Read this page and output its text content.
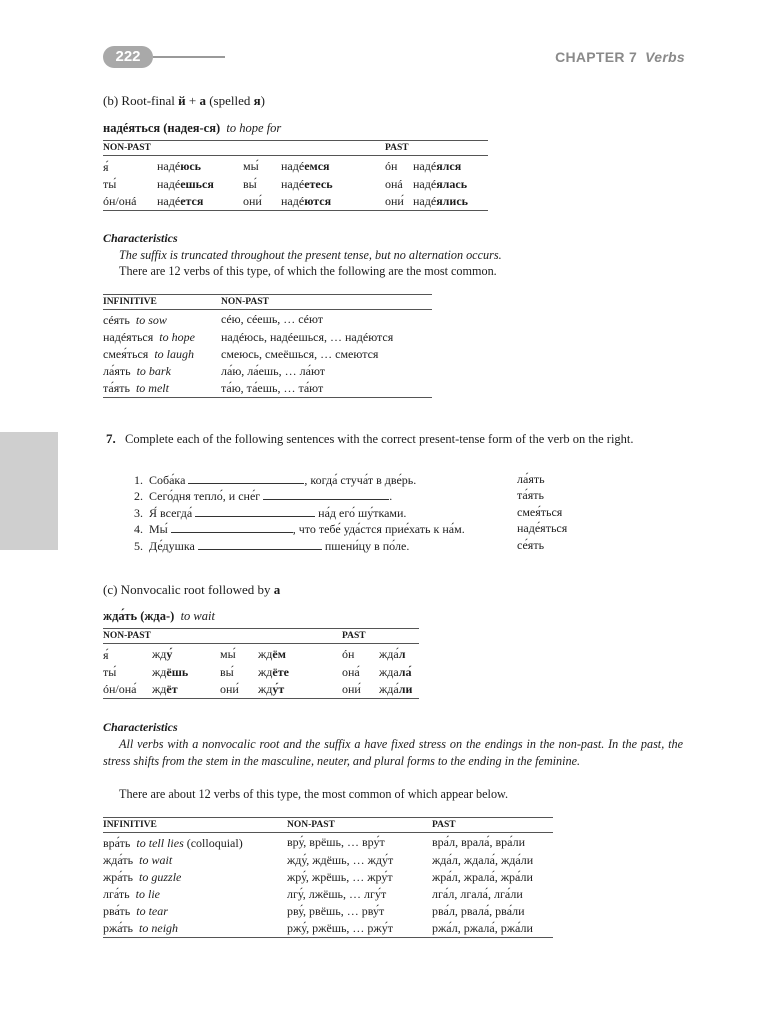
222	CHAPTER 7 Verbs
(b) Root-final й + а (spelled я)
надéяться (надея-ся) to hope for
NON-PAST				PAST	
я́	надéюсь	мы́	надéемся	óн	надéялся
ты́	надéешься	вы́	надéетесь	онá	надéялась
óн/онá	надéется	они́	надéются	они́	надéялись
Characteristics
The suffix is truncated throughout the present tense, but no alternation occurs.
There are 12 verbs of this type, of which the following are the most common.
INFINITIVE	NON-PAST
сéять to sow	сéю, сéешь, … сéют
надéяться to hope	надéюсь, надéешься, … надéются
смея́ться to laugh	смеюсь, смеёшься, … смеются
ла́ять to bark	ла́ю, ла́ешь, … ла́ют
та́ять to melt	та́ю, та́ешь, … та́ют
7. Complete each of the following sentences with the correct present-tense form of the verb on the right.
1. Соба́ка	, когда́ стуча́т в две́рь.	ла́ять
2. Сего́дня тепло́, и сне́г	.	та́ять
3. Я́ всегда́	на́д его́ шу́тками.	смея́ться
4. Мы́	, что тебе́ уда́стся прие́хать к на́м.	наде́яться
5. Де́душка	пшени́цу в по́ле.	се́ять
(c) Nonvocalic root followed by а
жда́ть (жда-) to wait
NON-PAST				PAST	
я́	жду́	мы́	ждём	óн	жда́л
ты́	ждёшь	вы́	ждёте	она́	ждала́
óн/она́	ждёт	они́	жду́т	они́	жда́ли
Characteristics
All verbs with a nonvocalic root and the suffix а have fixed stress on the endings in the non-past. In the past, the stress shifts from the stem in the masculine, neuter, and plural forms to the ending in the feminine.
There are about 12 verbs of this type, the most common of which appear below.
INFINITIVE	NON-PAST	PAST
вра́ть to tell lies (colloquial)	вру́, врёшь, … вру́т	вра́л, врала́, вра́ли
жда́ть to wait	жду́, ждёшь, … жду́т	жда́л, ждала́, жда́ли
жра́ть to guzzle	жру́, жрёшь, … жру́т	жра́л, жрала́, жра́ли
лга́ть to lie	лгу́, лжёшь, … лгу́т	лга́л, лгала́, лга́ли
рва́ть to tear	рву́, рвёшь, … рву́т	рва́л, рвала́, рва́ли
ржа́ть to neigh	ржу́, ржёшь, … ржу́т	ржа́л, ржала́, ржа́ли
